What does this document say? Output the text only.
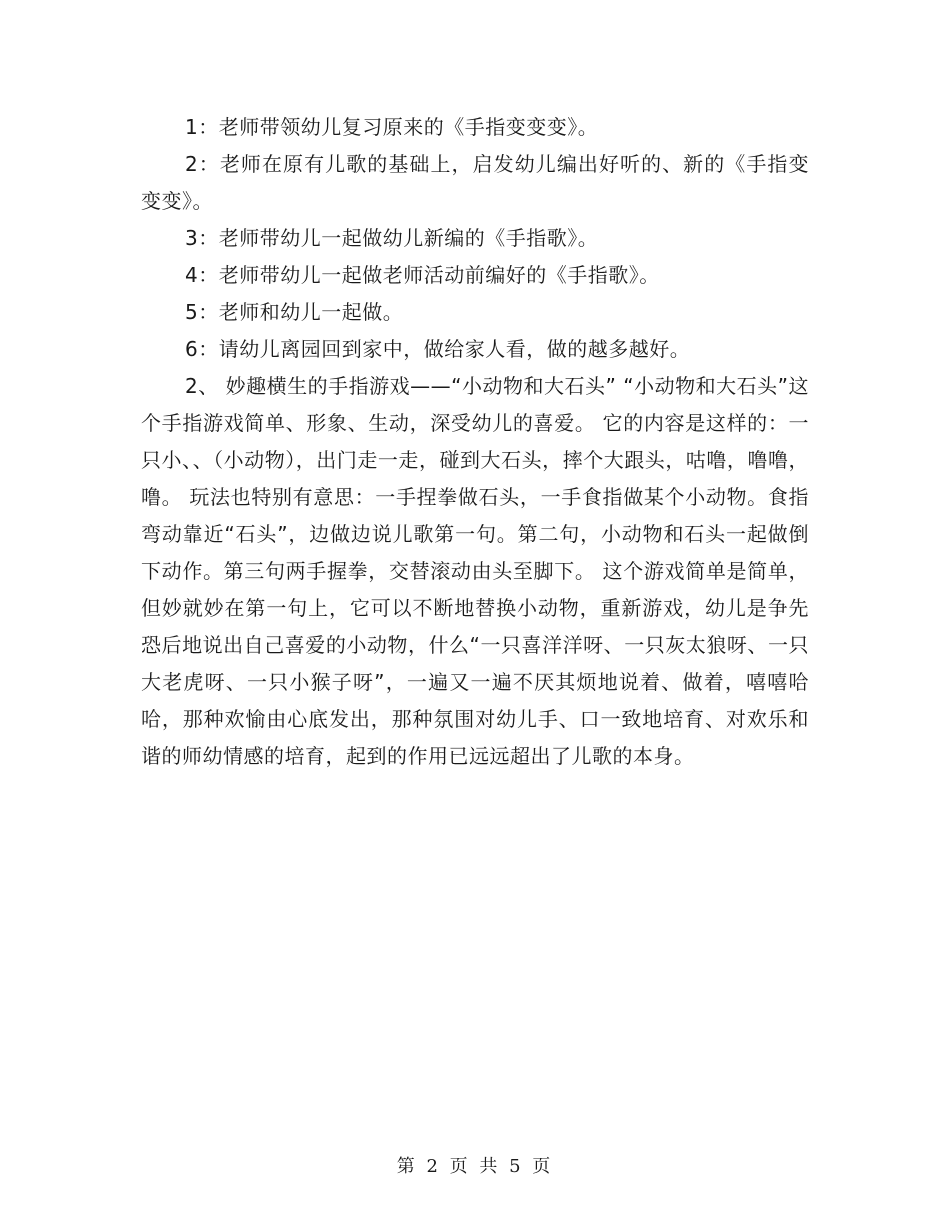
1：老师带领幼儿复习原来的《手指变变变》。

2：老师在原有儿歌的基础上，启发幼儿编出好听的、新的《手指变变变》。

3：老师带幼儿一起做幼儿新编的《手指歌》。

4：老师带幼儿一起做老师活动前编好的《手指歌》。

5：老师和幼儿一起做。

6：请幼儿离园回到家中，做给家人看，做的越多越好。

2、 妙趣横生的手指游戏——“小动物和大石头” “小动物和大石头”这个手指游戏简单、形象、生动，深受幼儿的喜爱。 它的内容是这样的：一只小、、（小动物），出门走一走，碰到大石头，摔个大跟头，咕噜，噜噜，噜。 玩法也特别有意思：一手捏拳做石头，一手食指做某个小动物。食指弯动靠近“石头”，边做边说儿歌第一句。第二句，小动物和石头一起做倒下动作。第三句两手握拳，交替滚动由头至脚下。 这个游戏简单是简单，但妙就妙在第一句上，它可以不断地替换小动物，重新游戏，幼儿是争先恐后地说出自己喜爱的小动物，什么“一只喜洋洋呀、一只灰太狼呀、一只大老虎呀、一只小猴子呀”，一遍又一遍不厌其烦地说着、做着，嘻嘻哈哈，那种欢愉由心底发出，那种氛围对幼儿手、口一致地培育、对欢乐和谐的师幼情感的培育，起到的作用已远远超出了儿歌的本身。

第 2 页 共 5 页
